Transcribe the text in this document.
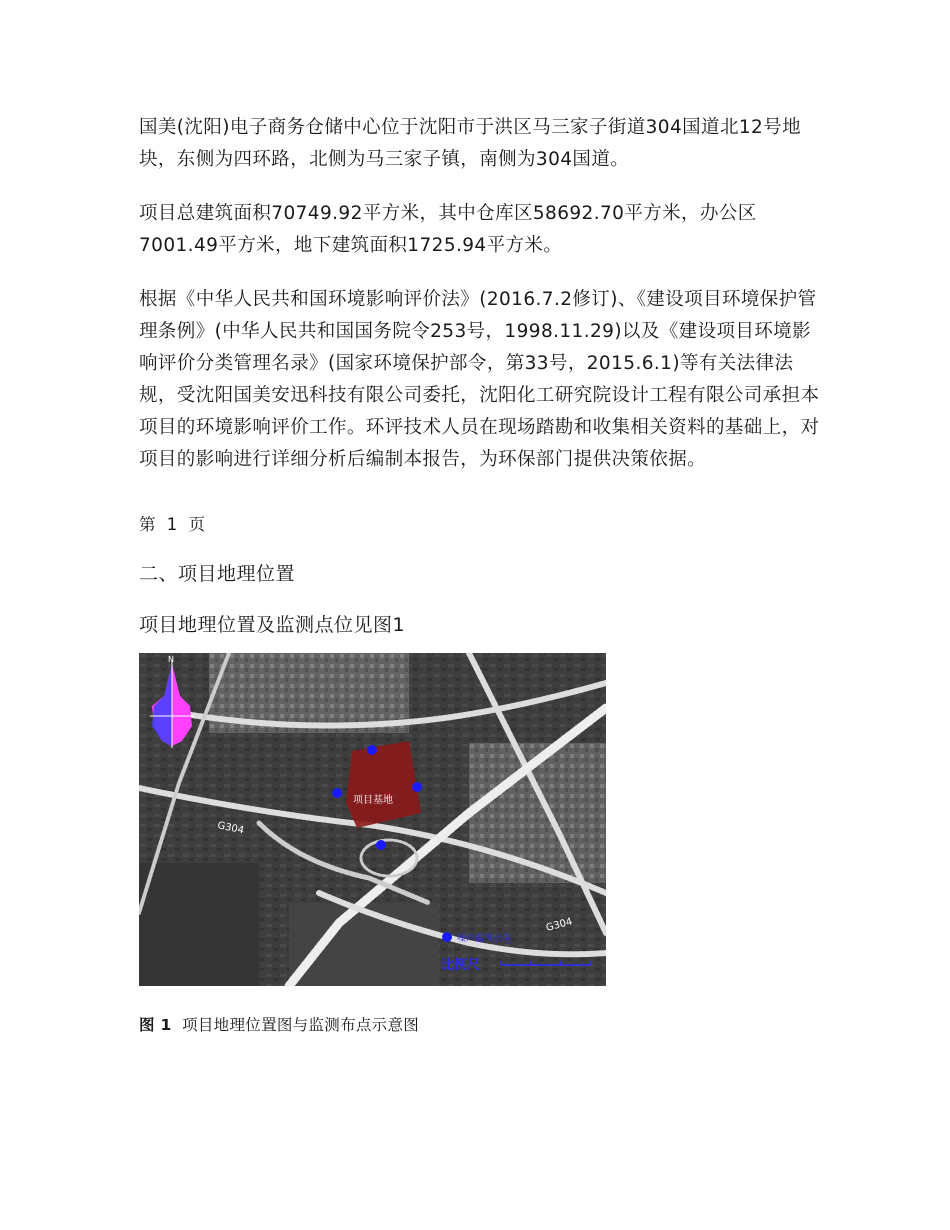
国美(沈阳)电子商务仓储中心位于沈阳市于洪区马三家子街道304国道北12号地块，东侧为四环路，北侧为马三家子镇，南侧为304国道。

项目总建筑面积70749.92平方米，其中仓库区58692.70平方米，办公区7001.49平方米，地下建筑面积1725.94平方米。

根据《中华人民共和国环境影响评价法》(2016.7.2修订)、《建设项目环境保护管理条例》(中华人民共和国国务院令253号，1998.11.29)以及《建设项目环境影响评价分类管理名录》(国家环境保护部令，第33号，2015.6.1)等有关法律法规，受沈阳国美安迅科技有限公司委托，沈阳化工研究院设计工程有限公司承担本项目的环境影响评价工作。环评技术人员在现场踏勘和收集相关资料的基础上，对项目的影响进行详细分析后编制本报告，为环保部门提供决策依据。

第 1 页

二、项目地理位置

项目地理位置及监测点位见图1

项目基地
G304
G304
N
噪声监测点位
比例尺

图 1 项目地理位置图与监测布点示意图
